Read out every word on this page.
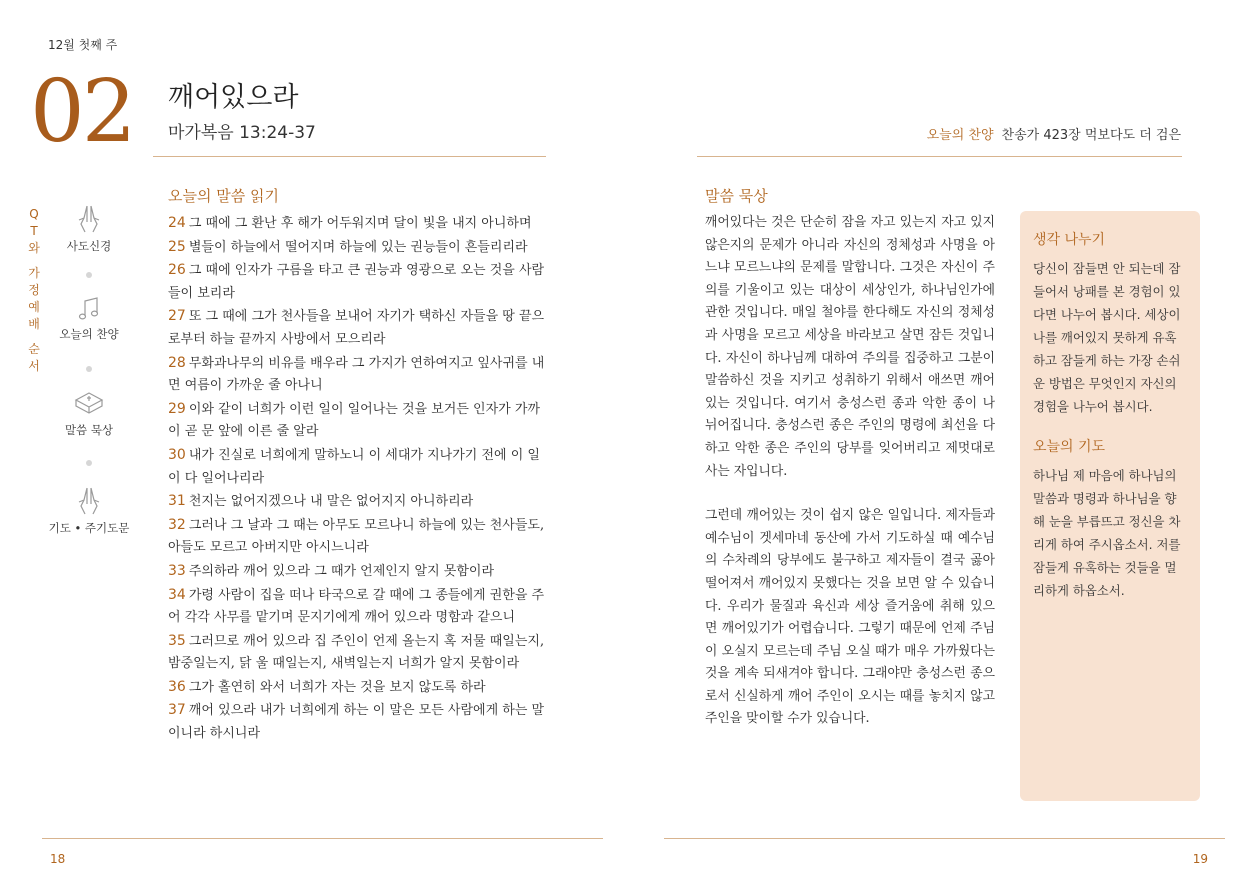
12월 첫째 주
02 깨어있으라
마가복음 13:24-37	오늘의 찬양 찬송가 423장 먹보다도 더 검은
Q
T
와
가
정
예
배
순
서
사도신경
오늘의 찬양
말씀 묵상
기도 • 주기도문
오늘의 말씀 읽기
24 그 때에 그 환난 후 해가 어두워지며 달이 빛을 내지 아니하며
25 별들이 하늘에서 떨어지며 하늘에 있는 권능들이 흔들리리라
26 그 때에 인자가 구름을 타고 큰 권능과 영광으로 오는 것을 사람들이 보리라
27 또 그 때에 그가 천사들을 보내어 자기가 택하신 자들을 땅 끝으로부터 하늘 끝까지 사방에서 모으리라
28 무화과나무의 비유를 배우라 그 가지가 연하여지고 잎사귀를 내면 여름이 가까운 줄 아나니
29 이와 같이 너희가 이런 일이 일어나는 것을 보거든 인자가 가까이 곧 문 앞에 이른 줄 알라
30 내가 진실로 너희에게 말하노니 이 세대가 지나가기 전에 이 일이 다 일어나리라
31 천지는 없어지겠으나 내 말은 없어지지 아니하리라
32 그러나 그 날과 그 때는 아무도 모르나니 하늘에 있는 천사들도, 아들도 모르고 아버지만 아시느니라
33 주의하라 깨어 있으라 그 때가 언제인지 알지 못함이라
34 가령 사람이 집을 떠나 타국으로 갈 때에 그 종들에게 권한을 주어 각각 사무를 맡기며 문지기에게 깨어 있으라 명함과 같으니
35 그러므로 깨어 있으라 집 주인이 언제 올는지 혹 저물 때일는지, 밤중일는지, 닭 울 때일는지, 새벽일는지 너희가 알지 못함이라
36 그가 홀연히 와서 너희가 자는 것을 보지 않도록 하라
37 깨어 있으라 내가 너희에게 하는 이 말은 모든 사람에게 하는 말이니라 하시니라
말씀 묵상

깨어있다는 것은 단순히 잠을 자고 있는지 자고 있지 않은지의 문제가 아니라 자신의 정체성과 사명을 아느냐 모르느냐의 문제를 말합니다. 그것은 자신이 주의를 기울이고 있는 대상이 세상인가, 하나님인가에 관한 것입니다. 매일 철야를 한다해도 자신의 정체성과 사명을 모르고 세상을 바라보고 살면 잠든 것입니다. 자신이 하나님께 대하여 주의를 집중하고 그분이 말씀하신 것을 지키고 성취하기 위해서 애쓰면 깨어있는 것입니다. 여기서 충성스런 종과 악한 종이 나뉘어집니다. 충성스런 종은 주인의 명령에 최선을 다하고 악한 종은 주인의 당부를 잊어버리고 제멋대로 사는 자입니다.

그런데 깨어있는 것이 쉽지 않은 일입니다. 제자들과 예수님이 겟세마네 동산에 가서 기도하실 때 예수님의 수차례의 당부에도 불구하고 제자들이 결국 곯아떨어져서 깨어있지 못했다는 것을 보면 알 수 있습니다. 우리가 물질과 육신과 세상 즐거움에 취해 있으면 깨어있기가 어렵습니다. 그렇기 때문에 언제 주님이 오실지 모르는데 주님 오실 때가 매우 가까웠다는 것을 계속 되새겨야 합니다. 그래야만 충성스런 종으로서 신실하게 깨어 주인이 오시는 때를 놓치지 않고 주인을 맞이할 수가 있습니다.

생각 나누기

당신이 잠들면 안 되는데 잠들어서 낭패를 본 경험이 있다면 나누어 봅시다. 세상이 나를 깨어있지 못하게 유혹하고 잠들게 하는 가장 손쉬운 방법은 무엇인지 자신의 경험을 나누어 봅시다.

오늘의 기도

하나님 제 마음에 하나님의 말씀과 명령과 하나님을 향해 눈을 부릅뜨고 정신을 차리게 하여 주시옵소서. 저를 잠들게 유혹하는 것들을 멀리하게 하옵소서.

18	19
